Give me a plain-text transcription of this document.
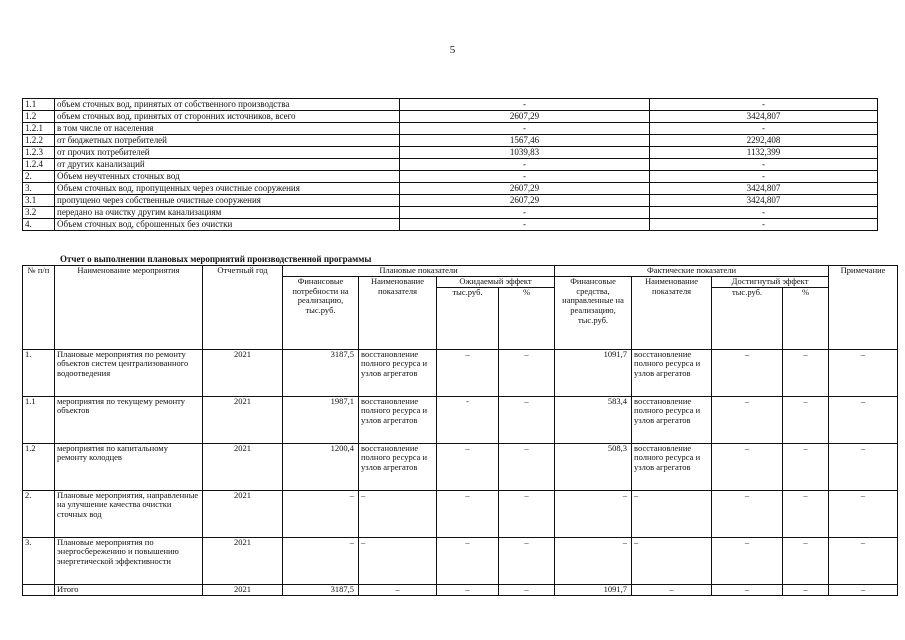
5
1.1	объем сточных вод, принятых от собственного производства	-	-
1.2	объем сточных вод, принятых от сторонних источников, всего	2607,29	3424,807
1.2.1	в том числе от населения	-	-
1.2.2	от бюджетных потребителей	1567,46	2292,408
1.2.3	от прочих потребителей	1039,83	1132,399
1.2.4	от других канализаций	-	-
2.	Объем неучтенных сточных вод	-	-
3.	Объем сточных вод, пропущенных через очистные сооружения	2607,29	3424,807
3.1	пропущено через собственные очистные сооружения	2607,29	3424,807
3.2	передано на очистку другим канализациям	-	-
4.	Объем сточных вод, сброшенных без очистки	-	-
Отчет о выполнении плановых мероприятий производственной программы
№ п/п	Наименование мероприятия	Отчетный год	Плановые показатели				Фактические показатели				Примечание
			Финансовые потребности на реализацию, тыс.руб.	Наименование показателя	Ожидаемый эффект		Финансовые средства, направленные на реализацию, тыс.руб.	Наименование показателя	Достигнутый эффект		
					тыс.руб.	%			тыс.руб.	%	
1.	Плановые мероприятия по ремонту объектов систем централизованного водоотведения	2021	3187,5	восстановление полного ресурса и узлов агрегатов	–	–	1091,7	восстановление полного ресурса и узлов агрегатов	–	–	–
1.1	мероприятия по текущему ремонту объектов	2021	1987,1	восстановление полного ресурса и узлов агрегатов	-	–	583,4	восстановление полного ресурса и узлов агрегатов	–	–	–
1.2	мероприятия по капитальному ремонту колодцев	2021	1200,4	восстановление полного ресурса и узлов агрегатов	–	–	508,3	восстановление полного ресурса и узлов агрегатов	–	–	–
2.	Плановые мероприятия, направленные на улучшение качества очистки сточных вод	2021	–	–	–	–	–	–	–	–	–
3.	Плановые мероприятия по энергосбережению и повышению энергетической эффективности	2021	–	–	–	–	–	–	–	–	–
	Итого	2021	3187,5	–	–	–	1091,7	–	–	–	–
